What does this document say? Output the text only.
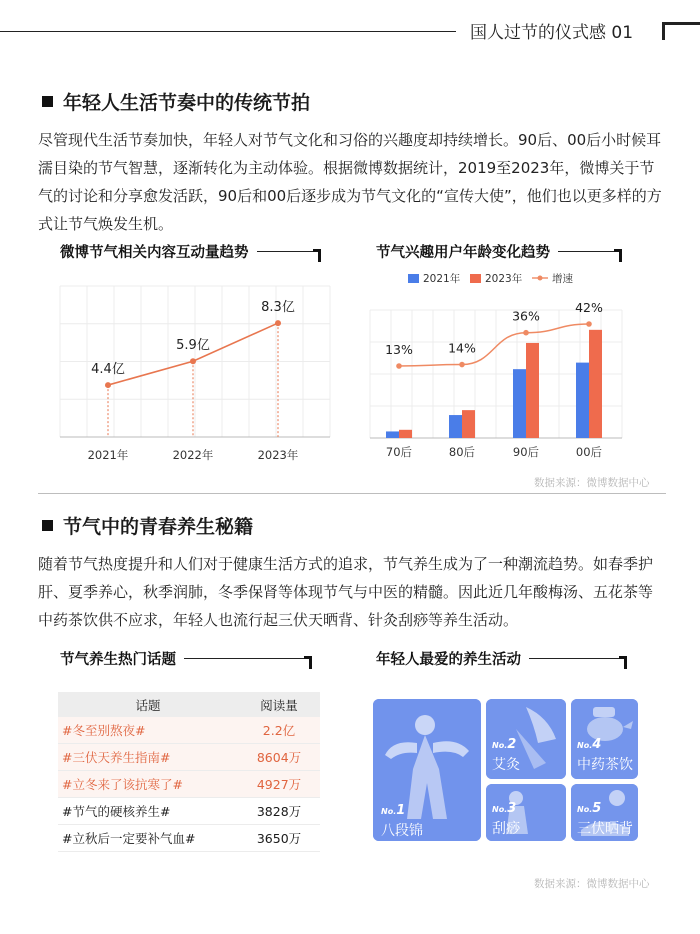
国人过节的仪式感 01
年轻人生活节奏中的传统节拍
尽管现代生活节奏加快，年轻人对节气文化和习俗的兴趣度却持续增长。90后、00后小时候耳濡目染的节气智慧，逐渐转化为主动体验。根据微博数据统计，2019至2023年，微博关于节气的讨论和分享愈发活跃，90后和00后逐步成为节气文化的“宣传大使”，他们也以更多样的方式让节气焕发生机。
微博节气相关内容互动量趋势	节气兴趣用户年龄变化趋势
4.4亿
2021年
5.9亿
2022年
8.3亿
2023年
2021年 2023年	增速
70后	80后	90后	00后
13%	14%
36%
42%
数据来源：微博数据中心
节气中的青春养生秘籍
随着节气热度提升和人们对于健康生活方式的追求，节气养生成为了一种潮流趋势。如春季护肝、夏季养心，秋季润肺，冬季保肾等体现节气与中医的精髓。因此近几年酸梅汤、五花茶等中药茶饮供不应求，年轻人也流行起三伏天晒背、针灸刮痧等养生活动。
节气养生热门话题	年轻人最爱的养生活动
话题	阅读量
#冬至别熬夜#	2.2亿
#三伏天养生指南#	8604万
#立冬来了该抗寒了#	4927万
#节气的硬核养生#	3828万
#立秋后一定要补气血#	3650万
No.1
八段锦
No.2
艾灸
No.4
中药茶饮
No.3
刮痧
No.5
三伏晒背
数据来源：微博数据中心
